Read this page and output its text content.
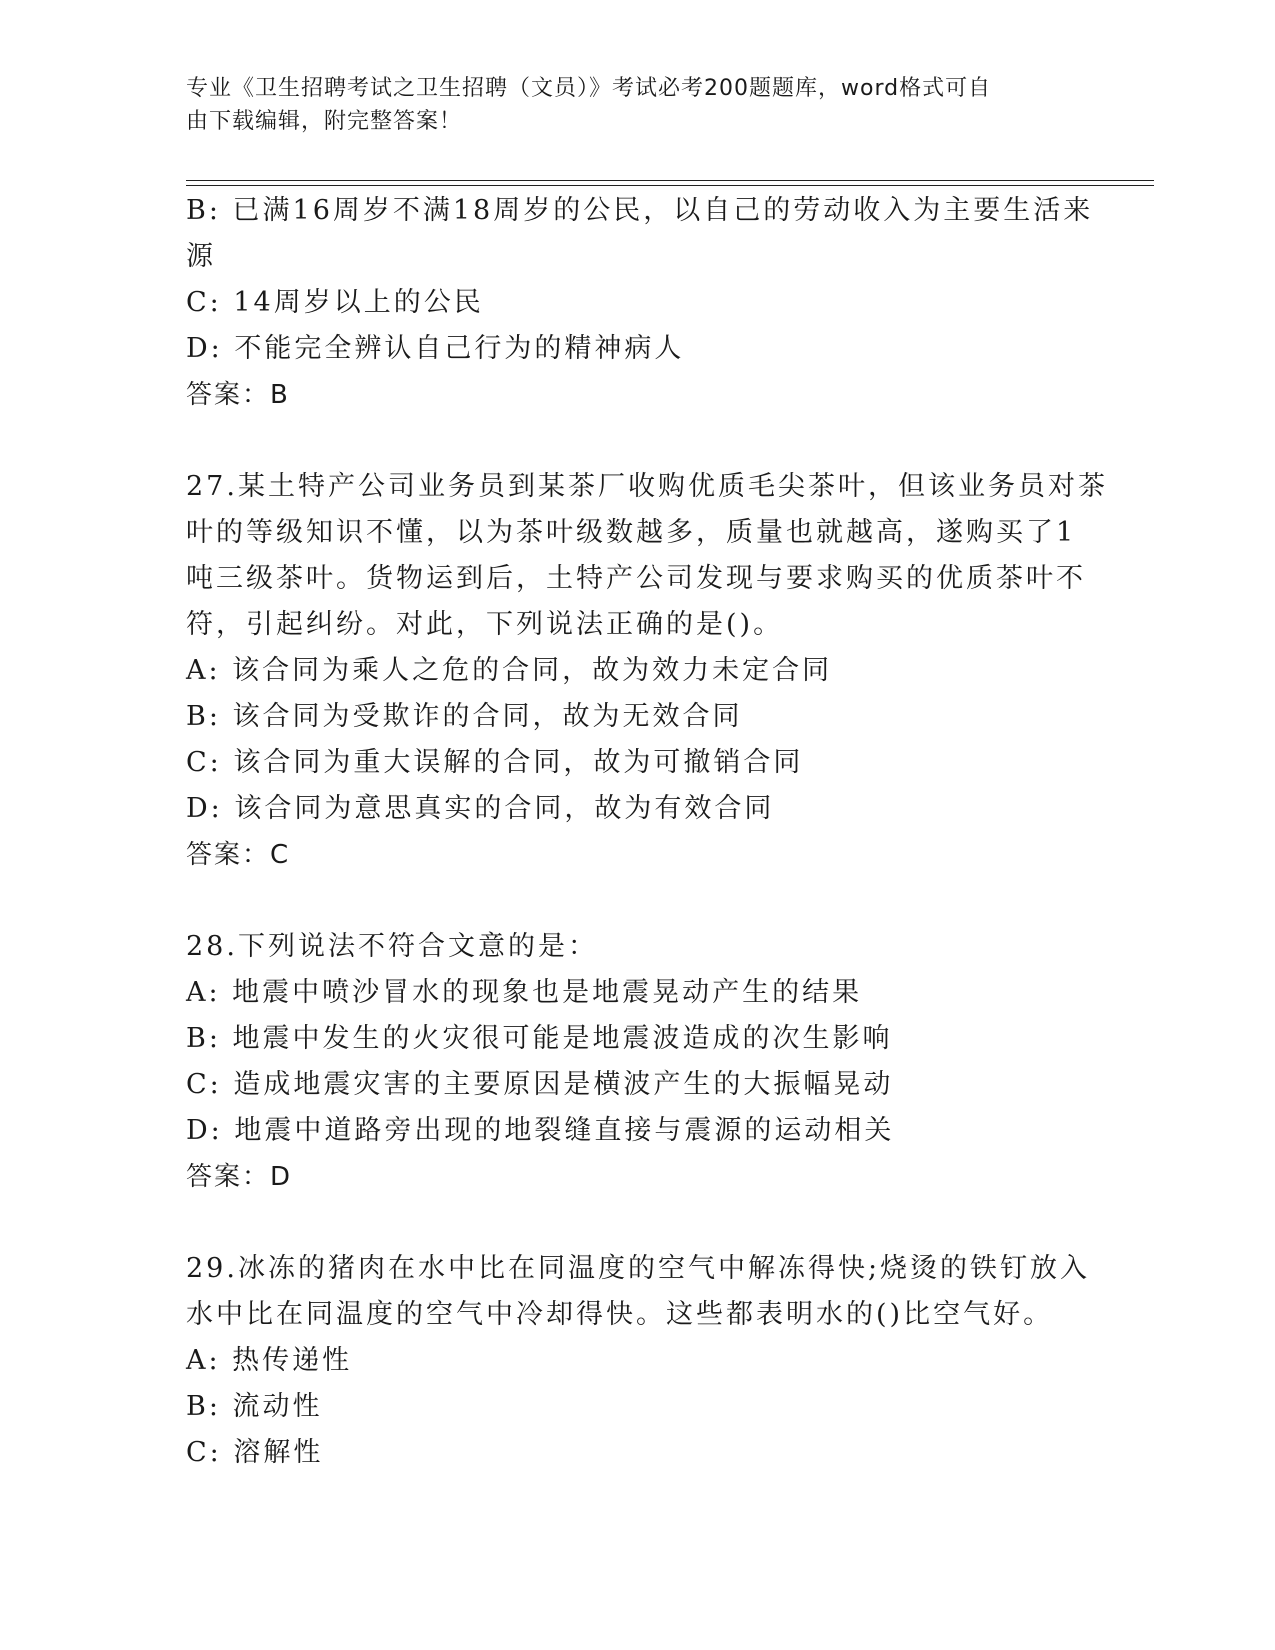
专业《卫生招聘考试之卫生招聘（文员）》考试必考200题题库，word格式可自
由下载编辑，附完整答案！
B: 已满16周岁不满18周岁的公民，以自己的劳动收入为主要生活来
源
C: 14周岁以上的公民
D: 不能完全辨认自己行为的精神病人
答案：B
27.某土特产公司业务员到某茶厂收购优质毛尖茶叶，但该业务员对茶
叶的等级知识不懂，以为茶叶级数越多，质量也就越高，遂购买了1
吨三级茶叶。货物运到后，土特产公司发现与要求购买的优质茶叶不
符，引起纠纷。对此，下列说法正确的是()。
A: 该合同为乘人之危的合同，故为效力未定合同
B: 该合同为受欺诈的合同，故为无效合同
C: 该合同为重大误解的合同，故为可撤销合同
D: 该合同为意思真实的合同，故为有效合同
答案：C
28.下列说法不符合文意的是：
A: 地震中喷沙冒水的现象也是地震晃动产生的结果
B: 地震中发生的火灾很可能是地震波造成的次生影响
C: 造成地震灾害的主要原因是横波产生的大振幅晃动
D: 地震中道路旁出现的地裂缝直接与震源的运动相关
答案：D
29.冰冻的猪肉在水中比在同温度的空气中解冻得快;烧烫的铁钉放入
水中比在同温度的空气中冷却得快。这些都表明水的()比空气好。
A: 热传递性
B: 流动性
C: 溶解性
